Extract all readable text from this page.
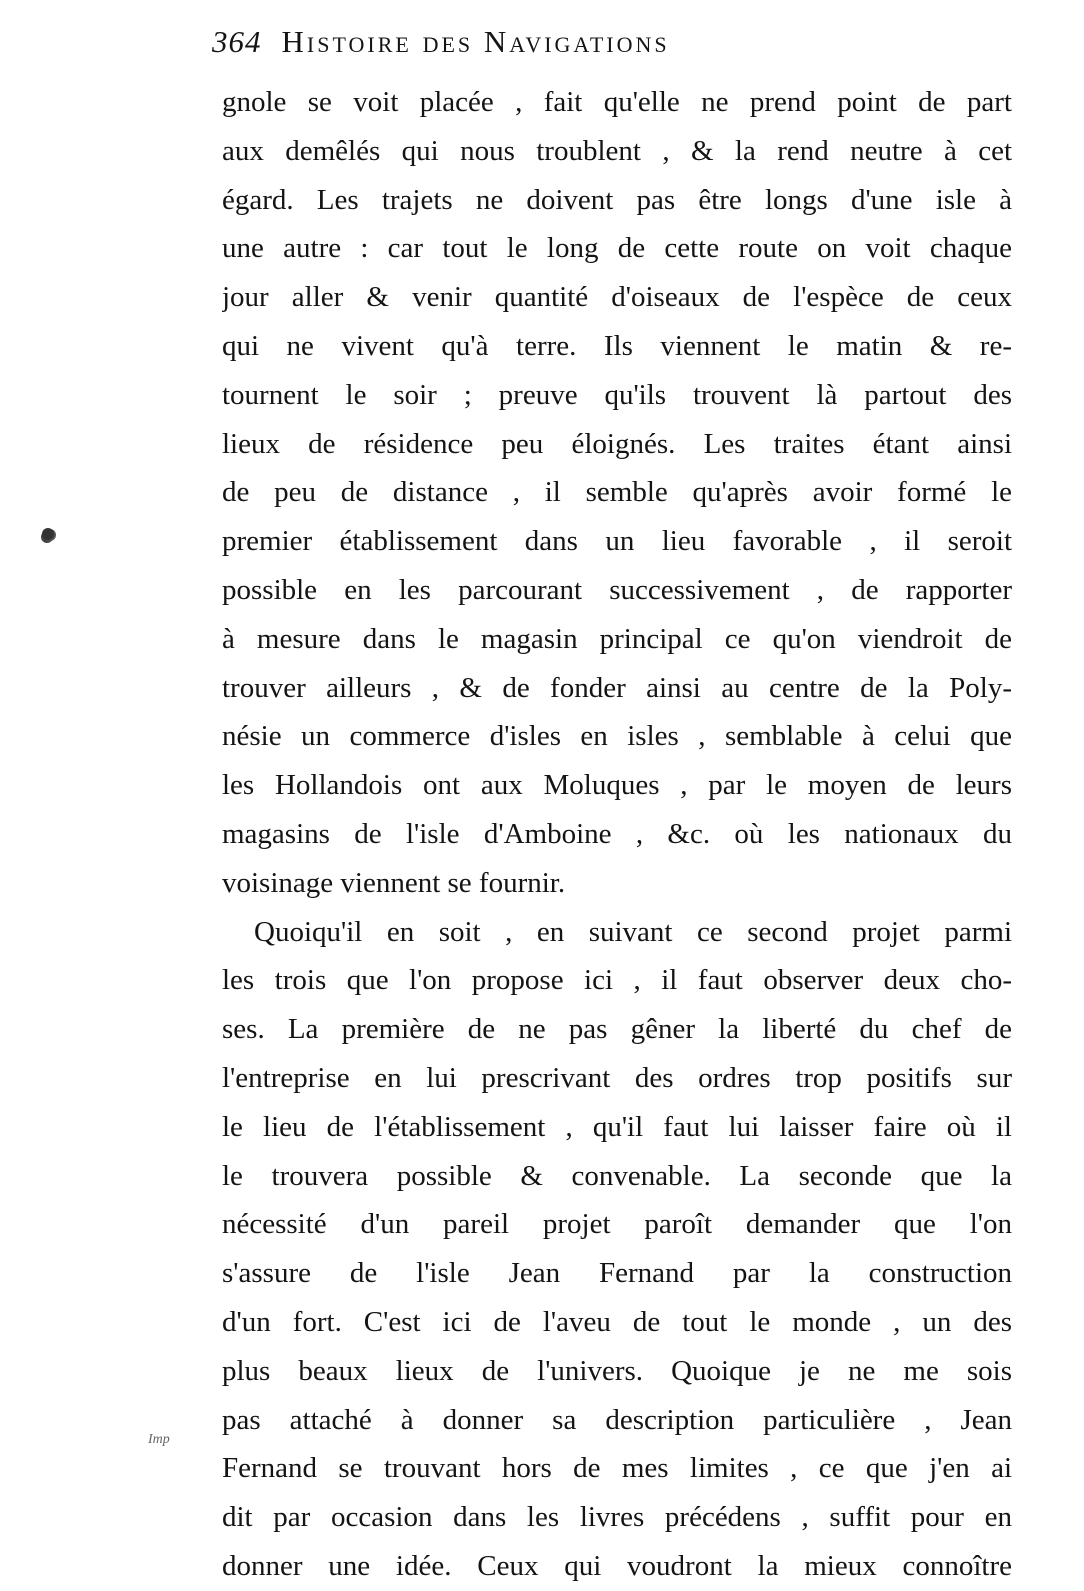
364 Histoire des Navigations
gnole se voit placée , fait qu'elle ne prend point de part
aux demêlés qui nous troublent , & la rend neutre à cet
égard. Les trajets ne doivent pas être longs d'une isle à
une autre : car tout le long de cette route on voit chaque
jour aller & venir quantité d'oiseaux de l'espèce de ceux
qui ne vivent qu'à terre. Ils viennent le matin & re-
tournent le soir ; preuve qu'ils trouvent là partout des
lieux de résidence peu éloignés. Les traites étant ainsi
de peu de distance , il semble qu'après avoir formé le
premier établissement dans un lieu favorable , il seroit
possible en les parcourant successivement , de rapporter
à mesure dans le magasin principal ce qu'on viendroit de
trouver ailleurs , & de fonder ainsi au centre de la Poly-
nésie un commerce d'isles en isles , semblable à celui que
les Hollandois ont aux Moluques , par le moyen de leurs
magasins de l'isle d'Amboine , &c. où les nationaux du
voisinage viennent se fournir.
Quoiqu'il en soit , en suivant ce second projet parmi
les trois que l'on propose ici , il faut observer deux cho-
ses. La première de ne pas gêner la liberté du chef de
l'entreprise en lui prescrivant des ordres trop positifs sur
le lieu de l'établissement , qu'il faut lui laisser faire où il
le trouvera possible & convenable. La seconde que la
nécessité d'un pareil projet paroît demander que l'on
s'assure de l'isle Jean Fernand par la construction
d'un fort. C'est ici de l'aveu de tout le monde , un des
plus beaux lieux de l'univers. Quoique je ne me sois
pas attaché à donner sa description particulière , Jean
Fernand se trouvant hors de mes limites , ce que j'en ai
dit par occasion dans les livres précédens , suffit pour en
donner une idée. Ceux qui voudront la mieux connoître
Imp
